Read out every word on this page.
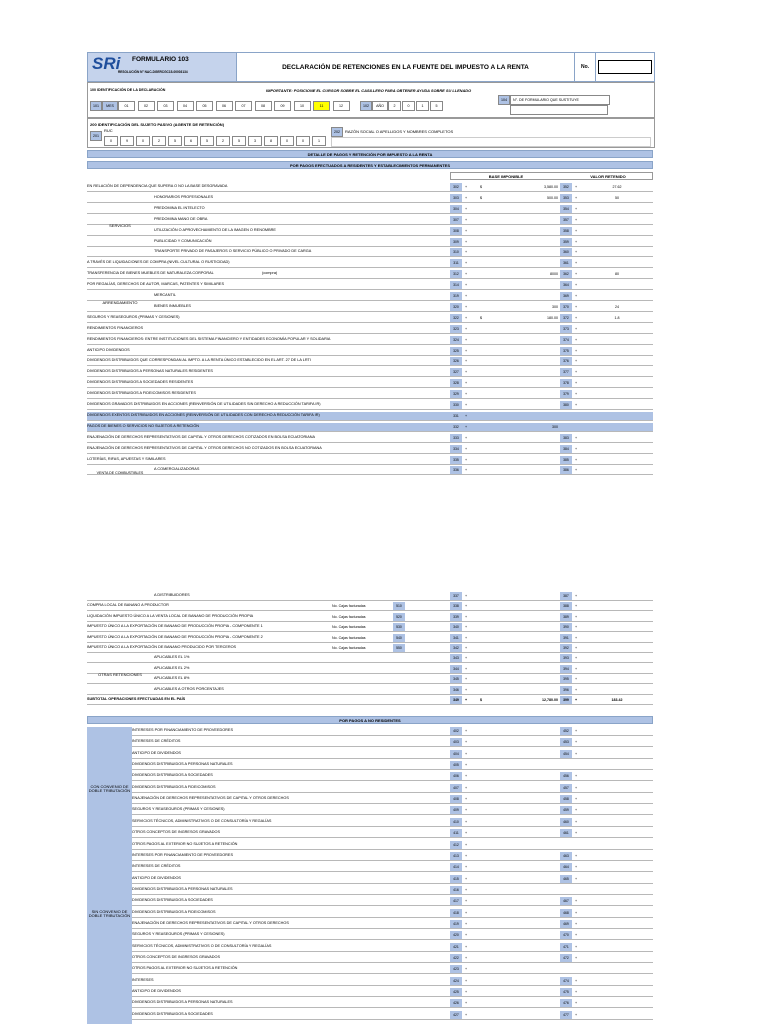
SRi FORMULARIO 103
RESOLUCIÓN N° NAC-DGERCGC15-00003134
DECLARACIÓN DE RETENCIONES EN LA FUENTE DEL IMPUESTO A LA RENTA	No.
100 IDENTIFICACIÓN DE LA DECLARACIÓN	IMPORTANTE: POSICIONE EL CURSOR SOBRE EL CASILLERO PARA OBTENER AYUDA SOBRE SU LLENADO
101	MES	01	02	03	04	05	06	07	08	09	10	11	12	102	AÑO	2	0	1	5
104	N°. DE FORMULARIO QUE SUSTITUYE
200 IDENTIFICACIÓN DEL SUJETO PASIVO (AGENTE DE RETENCIÓN)
201
RUC
0	9	0	2	5	6	5	2	5	3	8	0	0	1
202	RAZÓN SOCIAL O APELLIDOS Y NOMBRES COMPLETOS
DETALLE DE PAGOS Y RETENCIÓN POR IMPUESTO A LA RENTA
POR PAGOS EFECTUADOS A RESIDENTES Y ESTABLECIMIENTOS PERMANENTES
BASE IMPONIBLE	VALOR RETENIDO
EN RELACIÓN DE DEPENDENCIA QUE SUPERA O NO LA BASE DESGRAVADA	302	+	$	3,580.00	352	+	27.62
HONORARIOS PROFESIONALES	303	+	$	500.00	353	+	50
PREDOMINA EL INTELECTO	304	+	354	+
PREDOMINA MANO DE OBRA	307	+	357	+
UTILIZACIÓN O APROVECHAMIENTO DE LA IMAGEN O RENOMBRE	308	+	358	+
PUBLICIDAD Y COMUNICACIÓN	309	+	359	+
TRANSPORTE PRIVADO DE PASAJEROS O SERVICIO PÚBLICO O PRIVADO DE CARGA	310	+	360	+
A TRAVÉS DE LIQUIDACIONES DE COMPRA (NIVEL CULTURAL O RUSTICIDAD)	311	+	361	+
TRANSFERENCIA DE BIENES MUEBLES DE NATURALEZA CORPORAL	(compra)	312	+	8000	362	+	80
POR REGALÍAS, DERECHOS DE AUTOR, MARCAS, PATENTES Y SIMILARES	314	+	364	+
MERCANTIL	319	+	369	+
BIENES INMUEBLES	320	+	300	370	+	24
SEGUROS Y REASEGUROS (PRIMAS Y CESIONES)	322	+	$	180.00	372	+	1.8
RENDIMIENTOS FINANCIEROS	323	+	373	+
RENDIMIENTOS FINANCIEROS: ENTRE INSTITUCIONES DEL SISTEMA FINANCIERO Y ENTIDADES ECONOMÍA POPULAR Y SOLIDARIA	324	+	374	+
ANTICIPO DIVIDENDOS	325	+	375	+
DIVIDENDOS DISTRIBUIDOS QUE CORRESPONDAN AL IMPTO. A LA RENTA ÚNICO ESTABLECIDO EN EL ART. 27 DE LA LRTI	326	+	376	+
DIVIDENDOS DISTRIBUIDOS A PERSONAS NATURALES RESIDENTES	327	+	377	+
DIVIDENDOS DISTRIBUIDOS A SOCIEDADES RESIDENTES	328	+	378	+
DIVIDENDOS DISTRIBUIDOS A FIDEICOMISOS RESIDENTES	329	+	379	+
DIVIDENDOS GRAVADOS DISTRIBUIDOS EN ACCIONES (REINVERSIÓN DE UTILIDADES SIN DERECHO A REDUCCIÓN TARIFA IR)	330	+	380	+
DIVIDENDOS EXENTOS DISTRIBUIDOS EN ACCIONES (REINVERSIÓN DE UTILIDADES CON DERECHO A REDUCCIÓN TARIFA IR)	331	+
PAGOS DE BIENES O SERVICIOS NO SUJETOS A RETENCIÓN	332	+	300
ENAJENACIÓN DE DERECHOS REPRESENTATIVOS DE CAPITAL Y OTROS DERECHOS COTIZADOS EN BOLSA ECUATORIANA	333	+	383	+
ENAJENACIÓN DE DERECHOS REPRESENTATIVOS DE CAPITAL Y OTROS DERECHOS NO COTIZADOS EN BOLSA ECUATORIANA	334	+	384	+
LOTERÍAS, RIFAS, APUESTAS Y SIMILARES	335	+	385	+
A COMERCIALIZADORAS	336	+	386	+
SERVICIOS
ARRENDAMIENTO
VENTA DE COMBUSTIBLES
A DISTRIBUIDORES	337	+	387	+
COMPRA LOCAL DE BANANO A PRODUCTOR	No. Cajas facturadas	510	338	+	388	+
LIQUIDACIÓN IMPUESTO ÚNICO A LA VENTA LOCAL DE BANANO DE PRODUCCIÓN PROPIA	No. Cajas facturadas	520	339	+	389	+
IMPUESTO ÚNICO A LA EXPORTACIÓN DE BANANO DE PRODUCCIÓN PROPIA - COMPONENTE 1	No. Cajas facturadas	530	340	+	390	+
IMPUESTO ÚNICO A LA EXPORTACIÓN DE BANANO DE PRODUCCIÓN PROPIA - COMPONENTE 2	No. Cajas facturadas	540	341	+	391	+
IMPUESTO ÚNICO A LA EXPORTACIÓN DE BANANO PRODUCIDO POR TERCEROS	No. Cajas facturadas	550	342	+	392	+
APLICABLES EL 1%	343	+	393	+
APLICABLES EL 2%	344	+	394	+
APLICABLES EL 8%	345	+	395	+
APLICABLES A OTROS PORCENTAJES	346	+	396	+
SUBTOTAL OPERACIONES EFECTUADAS EN EL PAÍS	349	+	$	12,780.00	399	+	183.42
OTRAS RETENCIONES
POR PAGOS A NO RESIDENTES
INTERESES POR FINANCIAMIENTO DE PROVEEDORES	402	+	452	+
INTERESES DE CRÉDITOS	403	+	453	+
ANTICIPO DE DIVIDENDOS	404	+	454	+
DIVIDENDOS DISTRIBUIDOS A PERSONAS NATURALES	405	+
DIVIDENDOS DISTRIBUIDOS A SOCIEDADES	406	+	456	+
DIVIDENDOS DISTRIBUIDOS A FIDEICOMISOS	407	+	457	+
ENAJENACIÓN DE DERECHOS REPRESENTATIVOS DE CAPITAL Y OTROS DERECHOS	408	+	458	+
SEGUROS Y REASEGUROS (PRIMAS Y CESIONES)	409	+	459	+
SERVICIOS TÉCNICOS, ADMINISTRATIVOS O DE CONSULTORÍA Y REGALÍAS	410	+	460	+
OTROS CONCEPTOS DE INGRESOS GRAVADOS	411	+	461	+
OTROS PAGOS AL EXTERIOR NO SUJETOS A RETENCIÓN	412	+
INTERESES POR FINANCIAMIENTO DE PROVEEDORES	413	+	463	+
INTERESES DE CRÉDITOS	414	+	464	+
ANTICIPO DE DIVIDENDOS	415	+	465	+
DIVIDENDOS DISTRIBUIDOS A PERSONAS NATURALES	416	+
DIVIDENDOS DISTRIBUIDOS A SOCIEDADES	417	+	467	+
DIVIDENDOS DISTRIBUIDOS A FIDEICOMISOS	418	+	468	+
ENAJENACIÓN DE DERECHOS REPRESENTATIVOS DE CAPITAL Y OTROS DERECHOS	419	+	469	+
SEGUROS Y REASEGUROS (PRIMAS Y CESIONES)	420	+	470	+
SERVICIOS TÉCNICOS, ADMINISTRATIVOS O DE CONSULTORÍA Y REGALÍAS	421	+	471	+
OTROS CONCEPTOS DE INGRESOS GRAVADOS	422	+	472	+
OTROS PAGOS AL EXTERIOR NO SUJETOS A RETENCIÓN	423	+
INTERESES	424	+	474	+
ANTICIPO DE DIVIDENDOS	425	+	475	+
DIVIDENDOS DISTRIBUIDOS A PERSONAS NATURALES	426	+	476	+
DIVIDENDOS DISTRIBUIDOS A SOCIEDADES	427	+	477	+
CON CONVENIO DE DOBLE TRIBUTACIÓN
SIN CONVENIO DE DOBLE TRIBUTACIÓN
